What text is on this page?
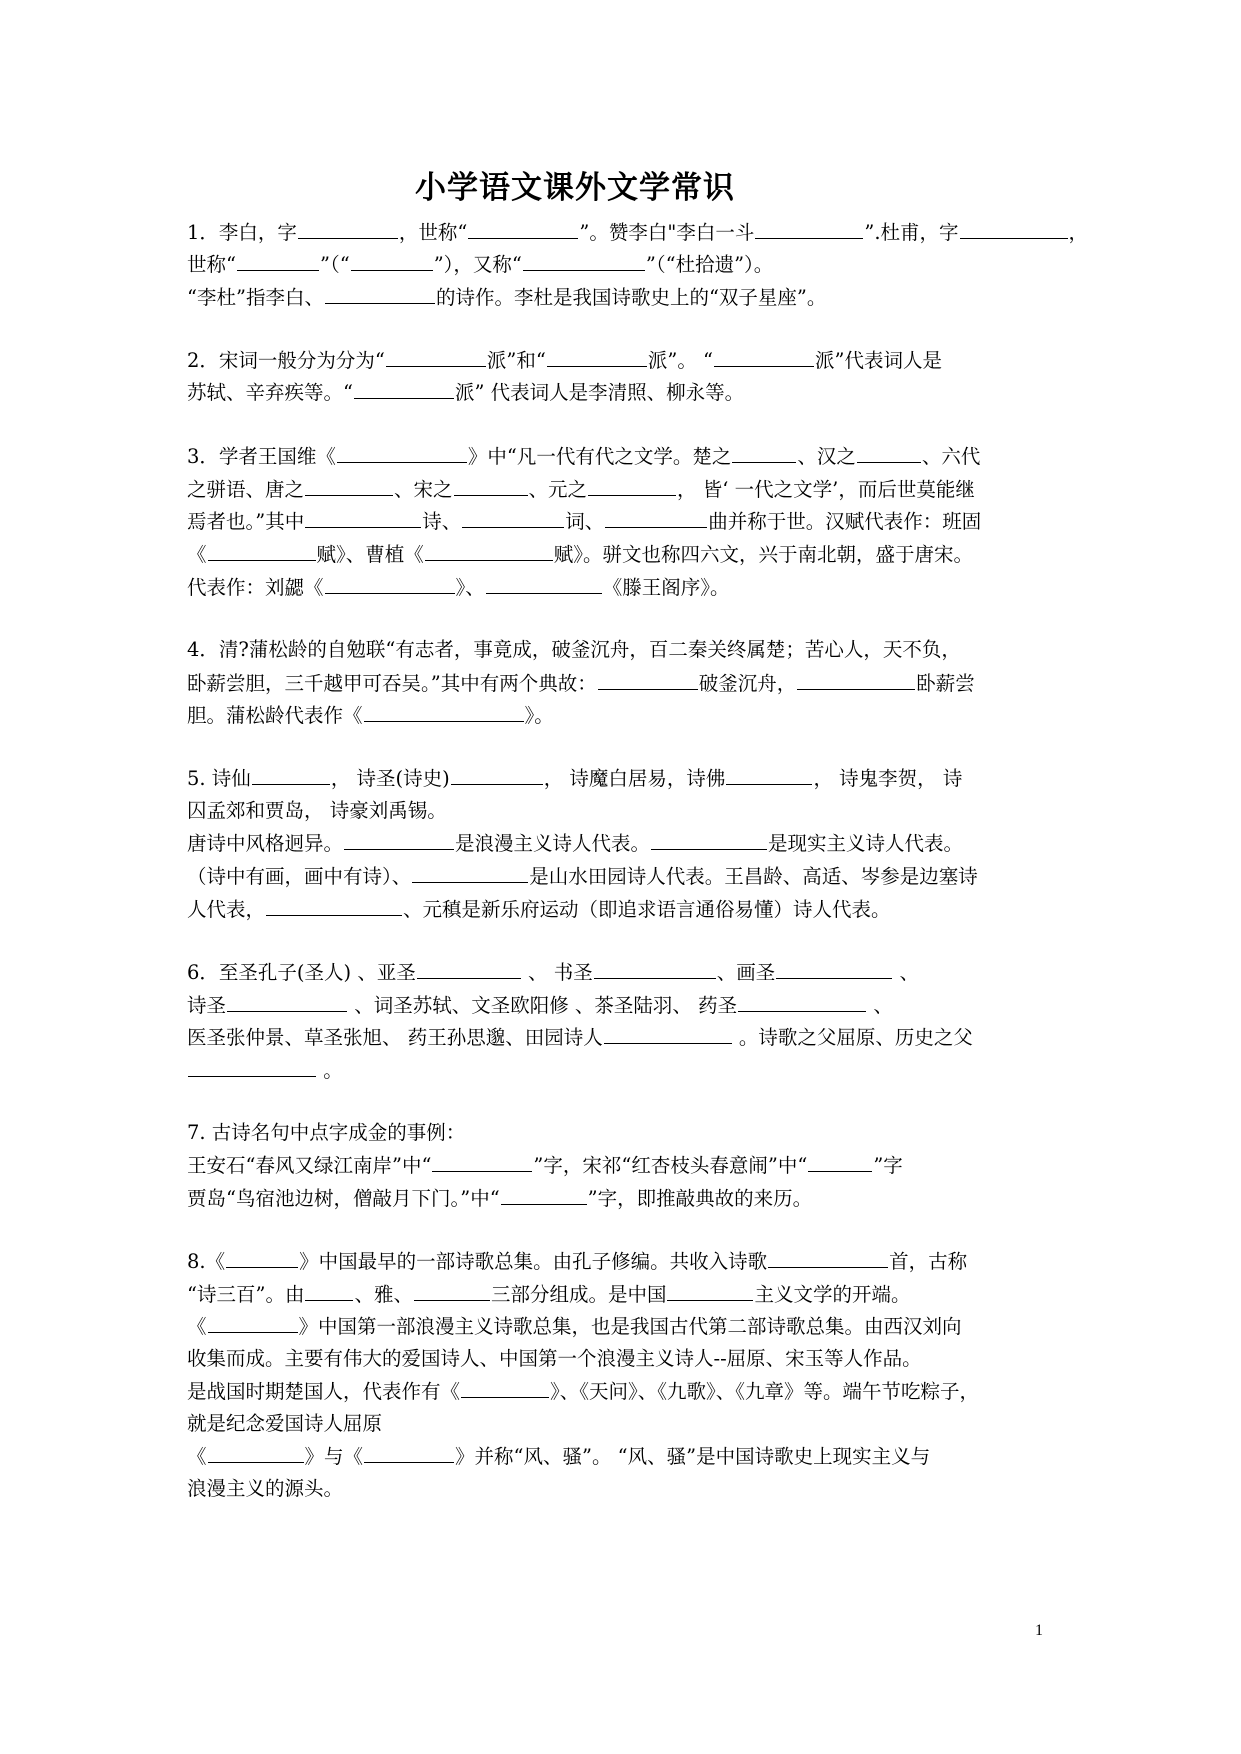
小学语文课外文学常识
1．李白，字	，世称“	”。赞李白"李白一斗	”.杜甫，字	，
世称“	”（“	”），又称“	”（“杜拾遗”）。
“李杜”指李白、	的诗作。李杜是我国诗歌史上的“双子星座”。
2．宋词一般分为分为“	派”和“	派”。 “	派”代表词人是
苏轼、辛弃疾等。“	派” 代表词人是李清照、柳永等。
3．学者王国维《	》中“凡一代有代之文学。楚之	、汉之	、六代
之骈语、唐之	、宋之	、元之	， 皆‘ 一代之文学’，而后世莫能继
焉者也。”其中	诗、	词、	曲并称于世。汉赋代表作：班固
《	赋》、曹植《	赋》。骈文也称四六文，兴于南北朝，盛于唐宋。
代表作：刘勰《	》、	《滕王阁序》。
4．清?蒲松龄的自勉联“有志者，事竟成，破釜沉舟，百二秦关终属楚；苦心人，天不负，
卧薪尝胆，三千越甲可吞吴。”其中有两个典故：	破釜沉舟，	卧薪尝
胆。蒲松龄代表作《	》。
5. 诗仙	， 诗圣(诗史)	， 诗魔白居易，诗佛	， 诗鬼李贺， 诗
囚孟郊和贾岛， 诗豪刘禹锡。
唐诗中风格迥异。	是浪漫主义诗人代表。	是现实主义诗人代表。
（诗中有画，画中有诗）、	是山水田园诗人代表。王昌龄、高适、岑参是边塞诗
人代表，	、元稹是新乐府运动（即追求语言通俗易懂）诗人代表。
6．至圣孔子(圣人) 、亚圣	、 书圣	、画圣	、
诗圣	、词圣苏轼、文圣欧阳修 、茶圣陆羽、 药圣	、
医圣张仲景、草圣张旭、 药王孙思邈、田园诗人	。诗歌之父屈原、历史之父
。
7. 古诗名句中点字成金的事例：
王安石“春风又绿江南岸”中“	”字，宋祁“红杏枝头春意闹”中“	”字
贾岛“鸟宿池边树，僧敲月下门。”中“	”字，即推敲典故的来历。
8.《	》中国最早的一部诗歌总集。由孔子修编。共收入诗歌	首，古称
“诗三百”。由	、雅、	三部分组成。是中国	主义文学的开端。
《	》中国第一部浪漫主义诗歌总集，也是我国古代第二部诗歌总集。由西汉刘向
收集而成。主要有伟大的爱国诗人、中国第一个浪漫主义诗人--屈原、宋玉等人作品。
是战国时期楚国人，代表作有《	》、《天问》、《九歌》、《九章》等。端午节吃粽子，
就是纪念爱国诗人屈原
《	》与《	》并称“风、骚”。 “风、骚”是中国诗歌史上现实主义与
浪漫主义的源头。
1
